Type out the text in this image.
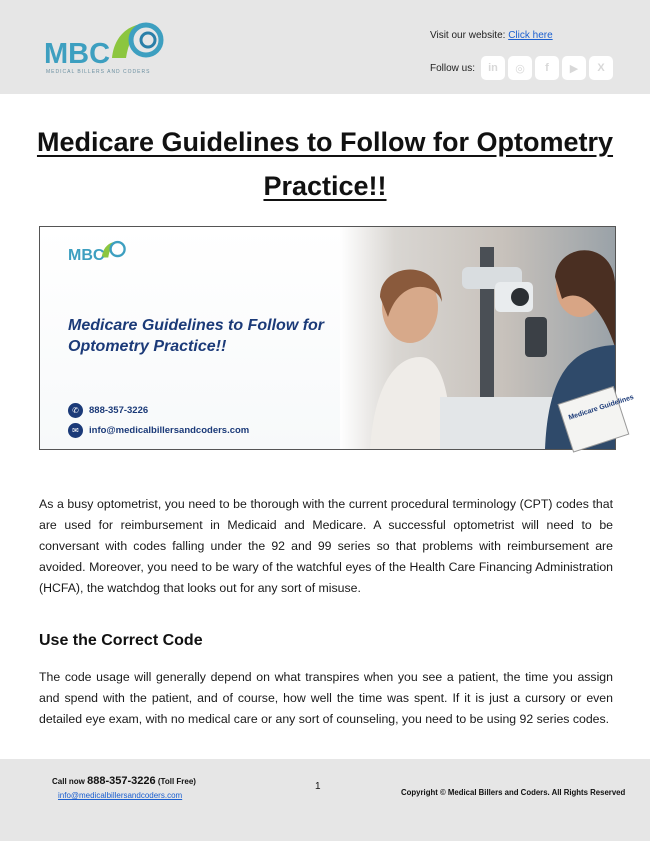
MBC
MEDICAL BILLERS AND CODERS
Visit our website: Click here
Follow us: in ◎ f ▶ X
Medicare Guidelines to Follow for Optometry
Practice!!
Medicare Guidelines
MBC
Medicare Guidelines to Follow for Optometry Practice!!
✆	888-357-3226
✉	info@medicalbillersandcoders.com
As a busy optometrist, you need to be thorough with the current procedural terminology (CPT) codes that are used for reimbursement in Medicaid and Medicare. A successful optometrist will need to be conversant with codes falling under the 92 and 99 series so that problems with reimbursement are avoided. Moreover, you need to be wary of the watchful eyes of the Health Care Financing Administration (HCFA), the watchdog that looks out for any sort of misuse.
Use the Correct Code
The code usage will generally depend on what transpires when you see a patient, the time you assign and spend with the patient, and of course, how well the time was spent. If it is just a cursory or even detailed eye exam, with no medical care or any sort of counseling, you need to be using 92 series codes.
Call now 888-357-3226 (Toll Free)
info@medicalbillersandcoders.com
1
Copyright © Medical Billers and Coders. All Rights Reserved
